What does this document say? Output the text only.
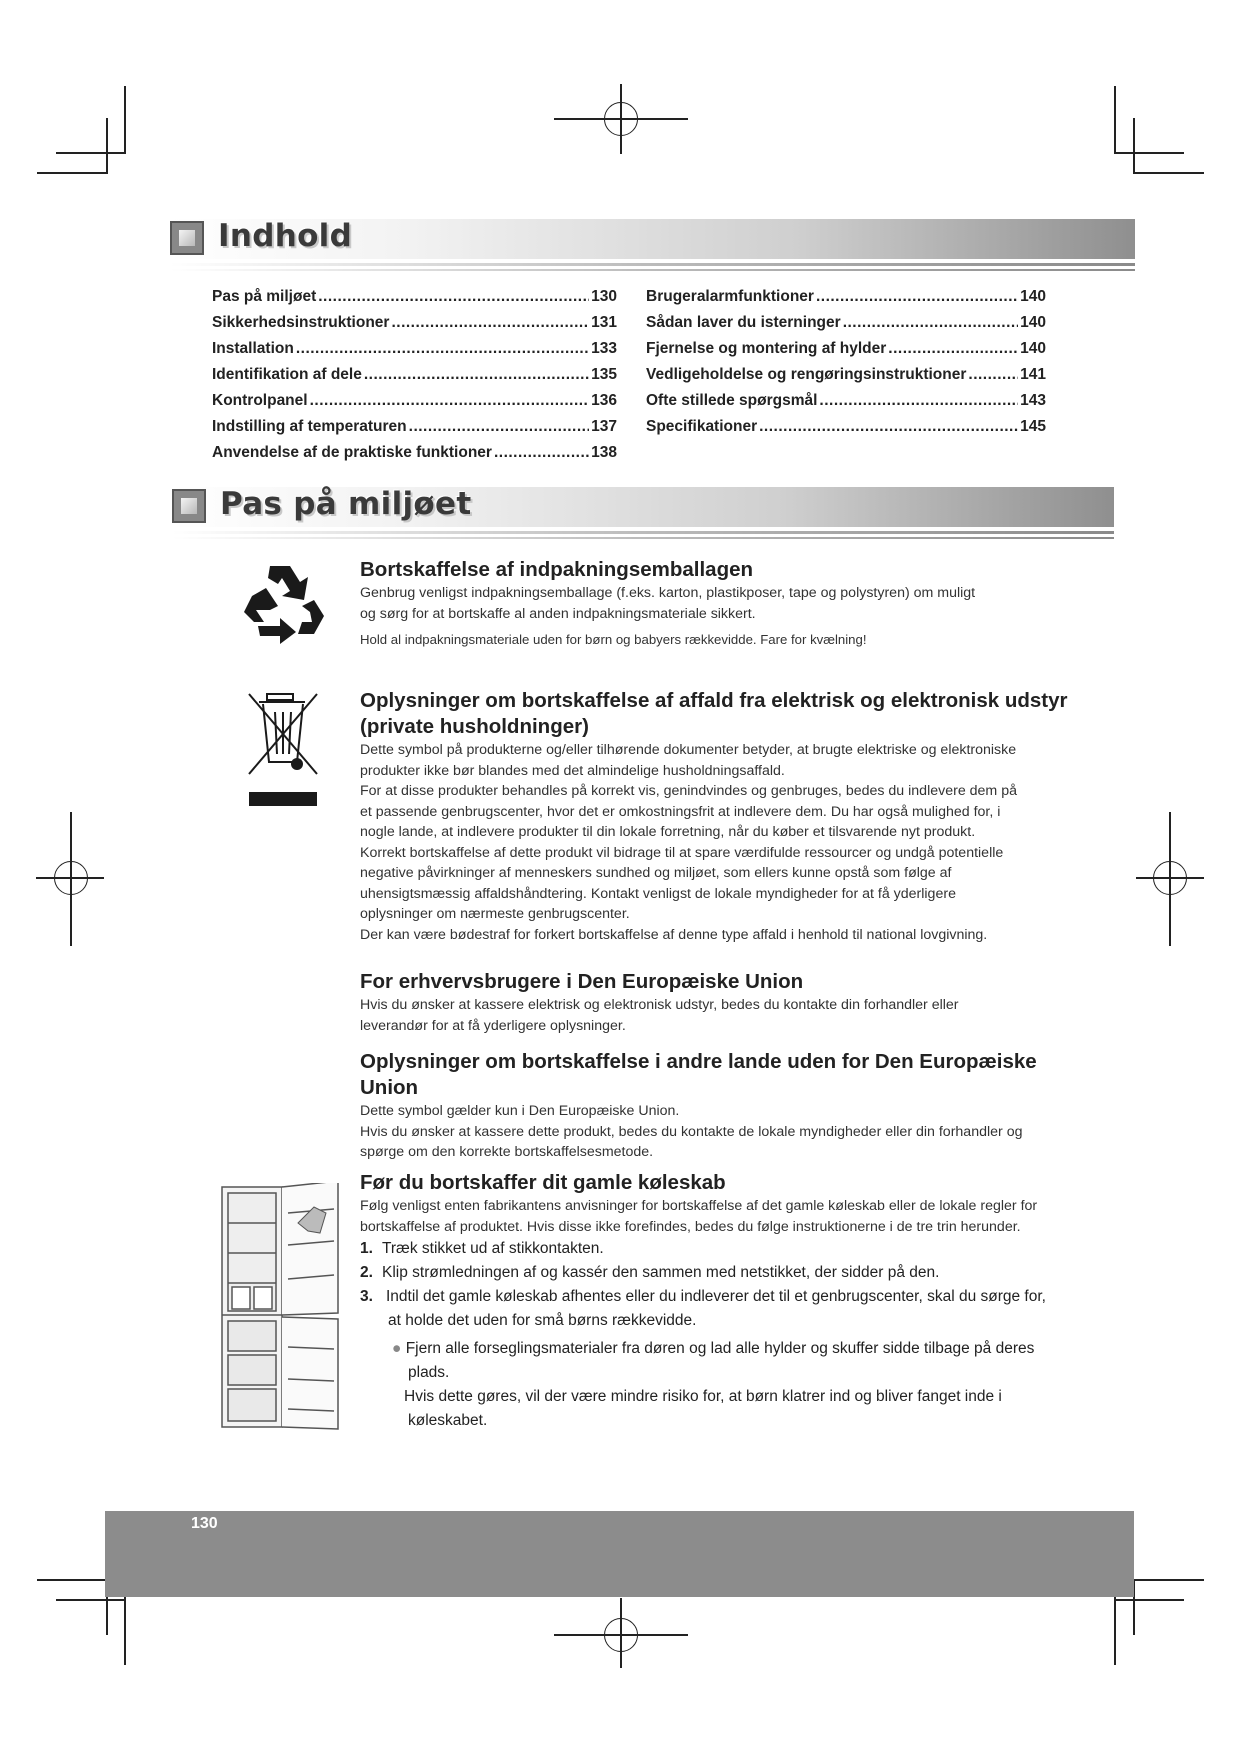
Indhold
Pas på miljøet .....	130
Sikkerhedsinstruktioner .....	131
Installation .....	133
Identifikation af dele .....	135
Kontrolpanel .....	136
Indstilling af temperaturen .....	137
Anvendelse af de praktiske funktioner .....	138
Brugeralarmfunktioner .....	140
Sådan laver du isterninger .....	140
Fjernelse og montering af hylder .....	140
Vedligeholdelse og rengøringsinstruktioner .....	141
Ofte stillede spørgsmål .....	143
Specifikationer .....	145
Pas på miljøet
Bortskaffelse af indpakningsemballagen

Genbrug venligst indpakningsemballage (f.eks. karton, plastikposer, tape og polystyren) om muligt

og sørg for at bortskaffe al anden indpakningsmateriale sikkert.

Hold al indpakningsmateriale uden for børn og babyers rækkevidde. Fare for kvælning!

Oplysninger om bortskaffelse af affald fra elektrisk og elektronisk udstyr
(private husholdninger)

Dette symbol på produkterne og/eller tilhørende dokumenter betyder, at brugte elektriske og elektroniske

produkter ikke bør blandes med det almindelige husholdningsaffald.

For at disse produkter behandles på korrekt vis, genindvindes og genbruges, bedes du indlevere dem på

et passende genbrugscenter, hvor det er omkostningsfrit at indlevere dem. Du har også mulighed for, i

nogle lande, at indlevere produkter til din lokale forretning, når du køber et tilsvarende nyt produkt.

Korrekt bortskaffelse af dette produkt vil bidrage til at spare værdifulde ressourcer og undgå potentielle

negative påvirkninger af menneskers sundhed og miljøet, som ellers kunne opstå som følge af

uhensigtsmæssig affaldshåndtering. Kontakt venligst de lokale myndigheder for at få yderligere

oplysninger om nærmeste genbrugscenter.

Der kan være bødestraf for forkert bortskaffelse af denne type affald i henhold til national lovgivning.

For erhvervsbrugere i Den Europæiske Union

Hvis du ønsker at kassere elektrisk og elektronisk udstyr, bedes du kontakte din forhandler eller

leverandør for at få yderligere oplysninger.

Oplysninger om bortskaffelse i andre lande uden for Den Europæiske Union

Dette symbol gælder kun i Den Europæiske Union.

Hvis du ønsker at kassere dette produkt, bedes du kontakte de lokale myndigheder eller din forhandler og

spørge om den korrekte bortskaffelsesmetode.

Før du bortskaffer dit gamle køleskab

Følg venligst enten fabrikantens anvisninger for bortskaffelse af det gamle køleskab eller de lokale regler for

bortskaffelse af produktet. Hvis disse ikke forefindes, bedes du følge instruktionerne i de tre trin herunder.

1. Træk stikket ud af stikkontakten.
2. Klip strømledningen af og kassér den sammen med netstikket, der sidder på den.
3. Indtil det gamle køleskab afhentes eller du indleverer det til et genbrugscenter, skal du sørge for,
at holde det uden for små børns rækkevidde.
● Fjern alle forseglingsmaterialer fra døren og lad alle hylder og skuffer sidde tilbage på deres
plads.
Hvis dette gøres, vil der være mindre risiko for, at børn klatrer ind og bliver fanget inde i
køleskabet.
130
